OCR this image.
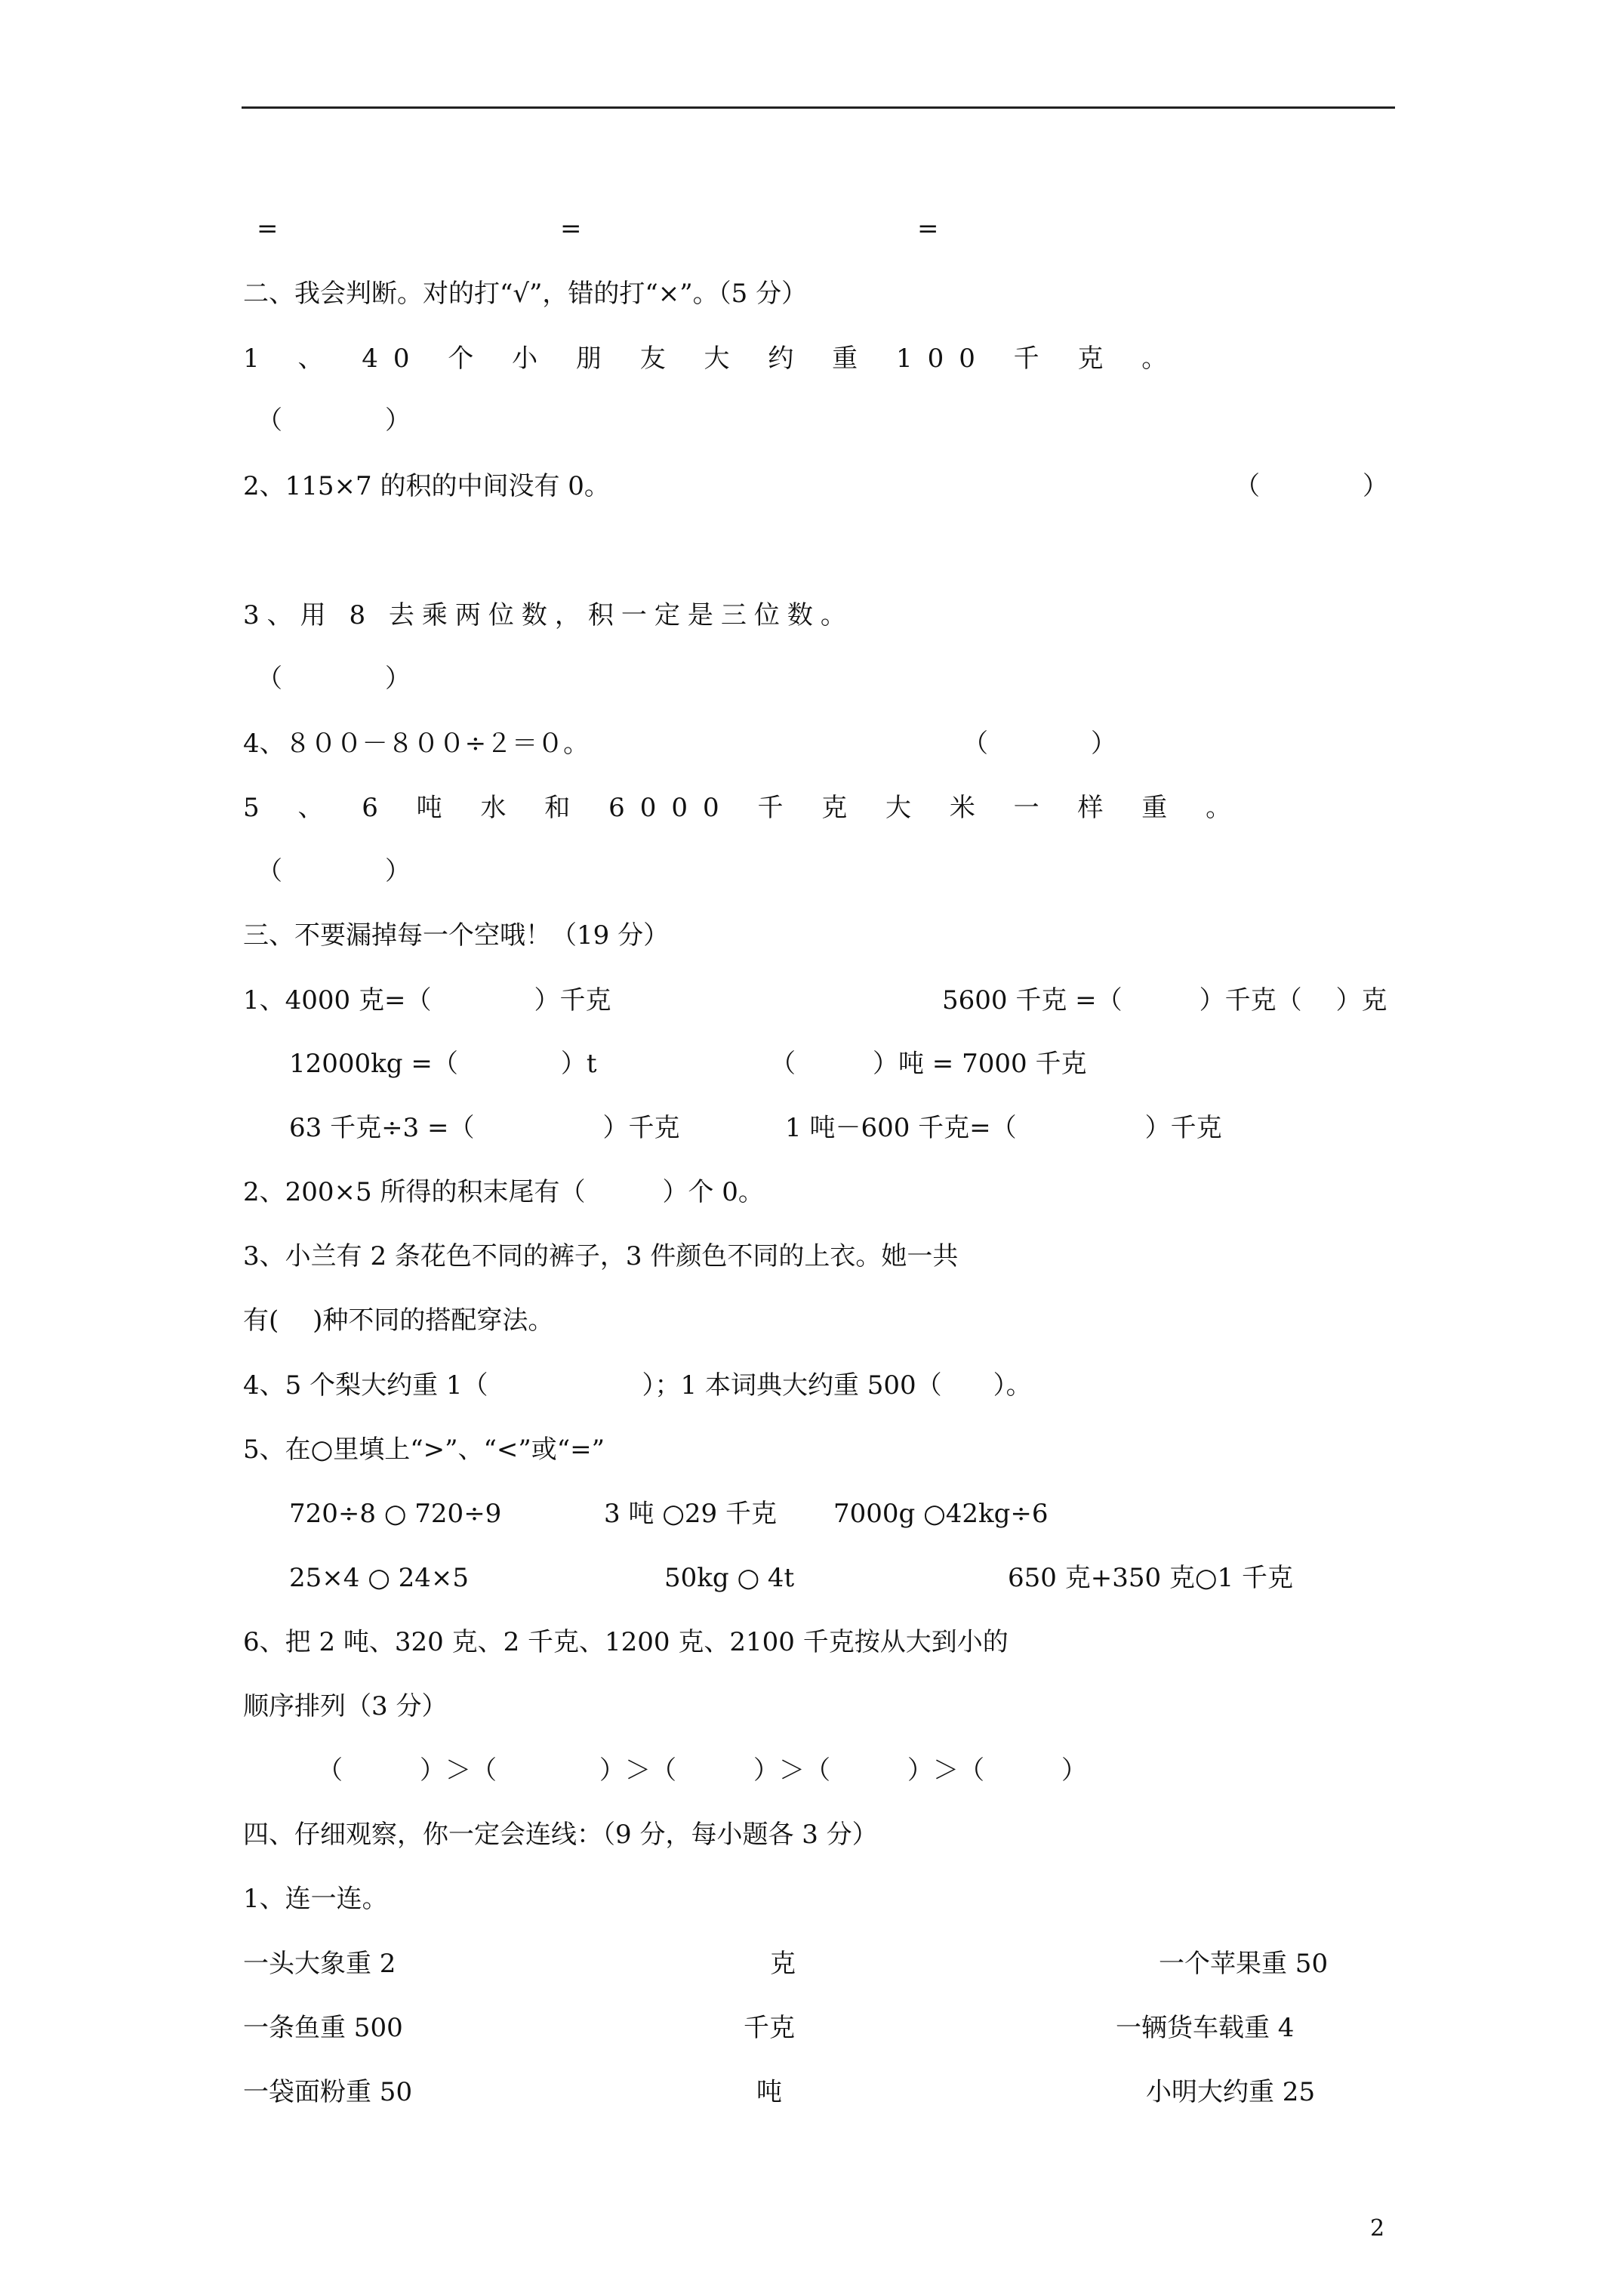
=	=	=
二、我会判断。对的打“√”，错的打“×”。（5 分）
1 、 40 个 小 朋 友 大 约 重 100 千 克 。
（　　　　）
2、115×7 的积的中间没有 0。	（　　　　）
3、用 8 去乘两位数，积一定是三位数。
（　　　　）
4、８００－８００÷２＝０。	（　　　　）
5 、 6 吨 水 和 6000 千 克 大 米 一 样 重 。
（　　　　）
三、不要漏掉每一个空哦！（19 分）
1、4000 克=（　　　　）千克	5600 千克 =（　　　）千克（　 ）克
12000kg =（　　　　）t	（　　　）吨 = 7000 千克
63 千克÷3 =（　　　　　）千克	1 吨－600 千克=（　　　　　）千克
2、200×5 所得的积末尾有（　　　）个 0。
3、小兰有 2 条花色不同的裤子，3 件颜色不同的上衣。她一共
有(　 )种不同的搭配穿法。
4、5 个梨大约重 1（　　　　　　）；1 本词典大约重 500（　　）。
5、在○里填上“>”、“<”或“=”
720÷8 ○ 720÷9	3 吨 ○29 千克 7000g ○42kg÷6
25×4 ○ 24×5	50kg ○ 4t	650 克+350 克○1 千克
6、把 2 吨、320 克、2 千克、1200 克、2100 千克按从大到小的
顺序排列（3 分）
（　　　）＞（　　　　）＞（　　　）＞（　　　）＞（　　　）
四、仔细观察，你一定会连线：（9 分，每小题各 3 分）
1、连一连。
一头大象重 2	克	一个苹果重 50
一条鱼重 500	千克	一辆货车载重 4
一袋面粉重 50	吨	小明大约重 25
2
